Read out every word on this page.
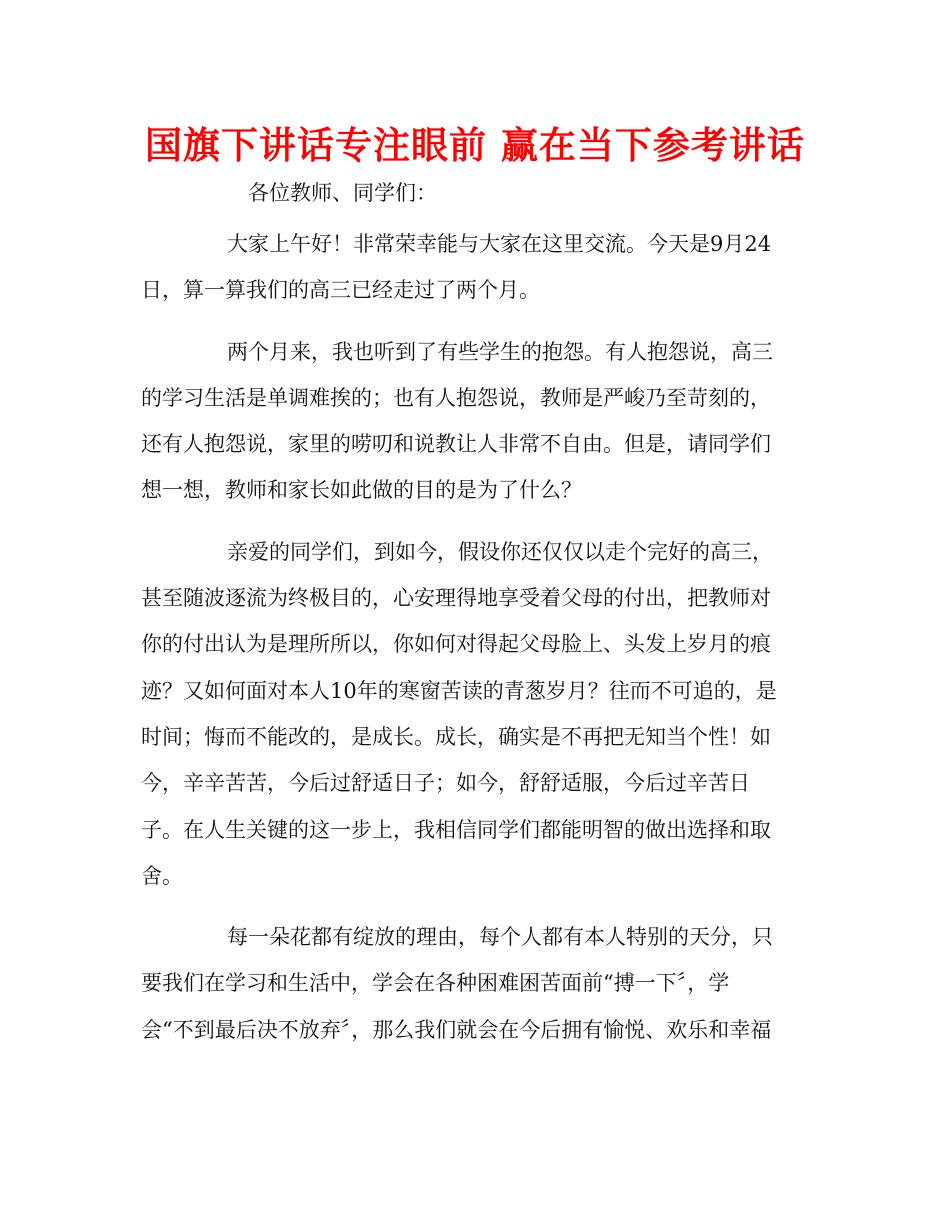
国旗下讲话专注眼前 赢在当下参考讲话
各位教师、同学们：

大家上午好！非常荣幸能与大家在这里交流。今天是9月24
日，算一算我们的高三已经走过了两个月。

两个月来，我也听到了有些学生的抱怨。有人抱怨说，高三
的学习生活是单调难挨的；也有人抱怨说，教师是严峻乃至苛刻的，
还有人抱怨说，家里的唠叨和说教让人非常不自由。但是，请同学们
想一想，教师和家长如此做的目的是为了什么？

亲爱的同学们，到如今，假设你还仅仅以走个完好的高三，
甚至随波逐流为终极目的，心安理得地享受着父母的付出，把教师对
你的付出认为是理所所以，你如何对得起父母脸上、头发上岁月的痕
迹？又如何面对本人10年的寒窗苦读的青葱岁月？往而不可追的，是
时间；悔而不能改的，是成长。成长，确实是不再把无知当个性！如
今，辛辛苦苦，今后过舒适日子；如今，舒舒适服，今后过辛苦日
子。在人生关键的这一步上，我相信同学们都能明智的做出选择和取
舍。

每一朵花都有绽放的理由，每个人都有本人特别的天分，只
要我们在学习和生活中，学会在各种困难困苦面前“搏一下〞，学
会“不到最后决不放弃〞，那么我们就会在今后拥有愉悦、欢乐和幸福
